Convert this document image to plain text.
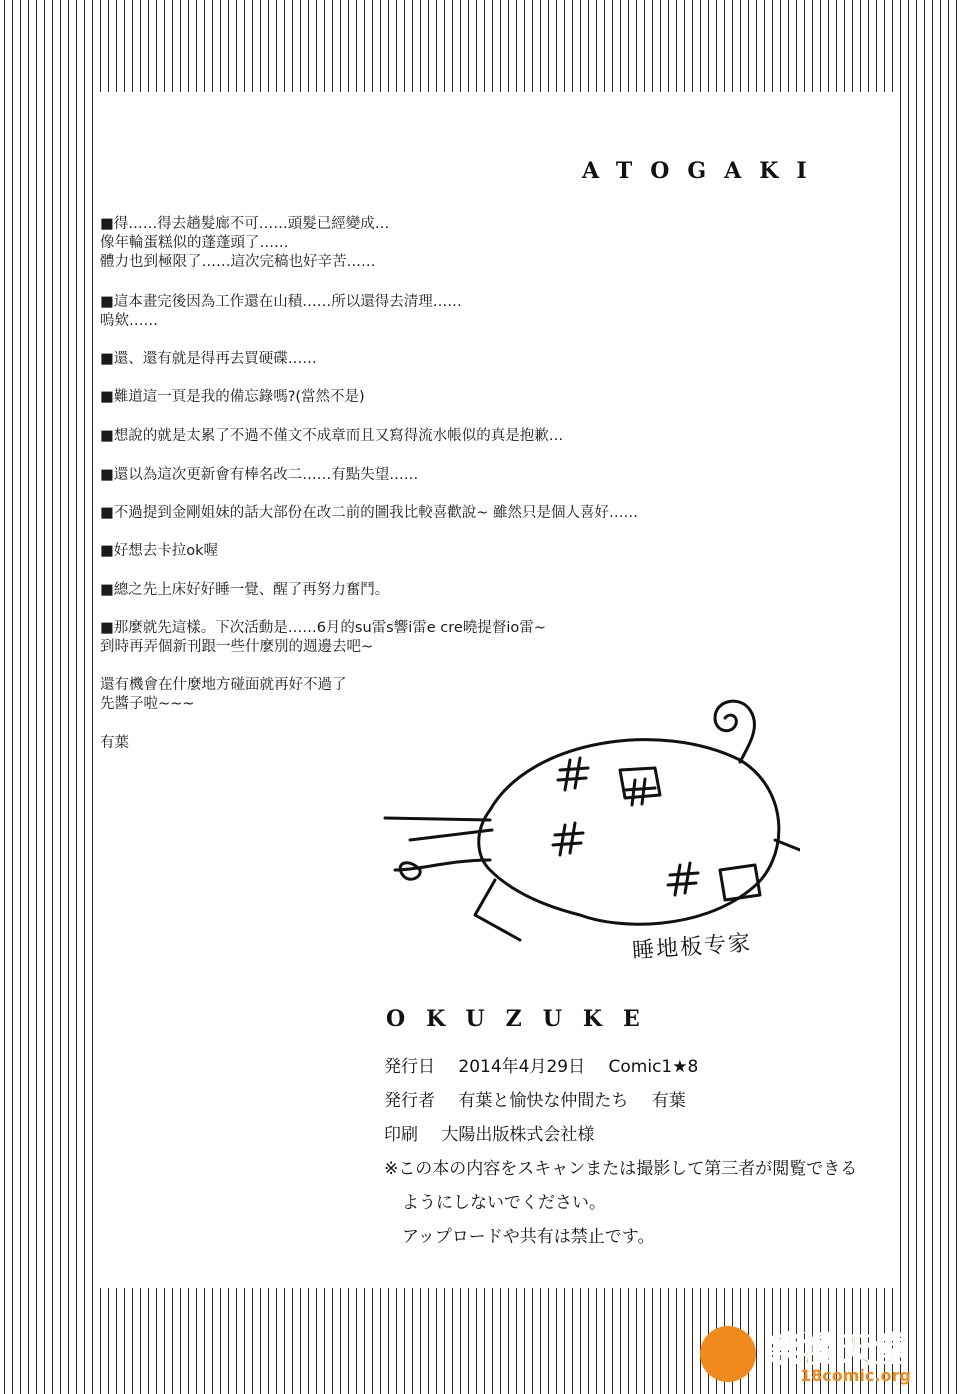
ATOGAKI

■得……得去趟髮廊不可……頭髮已經變成…
像年輪蛋糕似的蓬蓬頭了……
體力也到極限了……這次完稿也好辛苦……

■這本畫完後因為工作還在山積……所以還得去清理……
嗚欸……

■還、還有就是得再去買硬碟……

■難道這一頁是我的備忘錄嗎?(當然不是)

■想說的就是太累了不過不僅文不成章而且又寫得流水帳似的真是抱歉…

■還以為這次更新會有棒名改二……有點失望……

■不過提到金剛姐妹的話大部份在改二前的圖我比較喜歡說~ 雖然只是個人喜好……

■好想去卡拉ok喔

■總之先上床好好睡一覺、醒了再努力奮鬥。

■那麼就先這樣。下次活動是……6月的su雷s響i雷e cre曉提督io雷~
到時再弄個新刊跟一些什麼別的週邊去吧~

還有機會在什麼地方碰面就再好不過了
先醬子啦~~~

有葉

睡地板专家
OKUZUKE
発行日 2014年4月29日 Comic1★8
発行者 有葉と愉快な仲間たち 有葉
印刷 大陽出版株式会社様
※この本の内容をスキャンまたは撮影して第三者が閲覧できる
ようにしないでください。
アップロードや共有は禁止です。
禁漫天堂
18comic.org
